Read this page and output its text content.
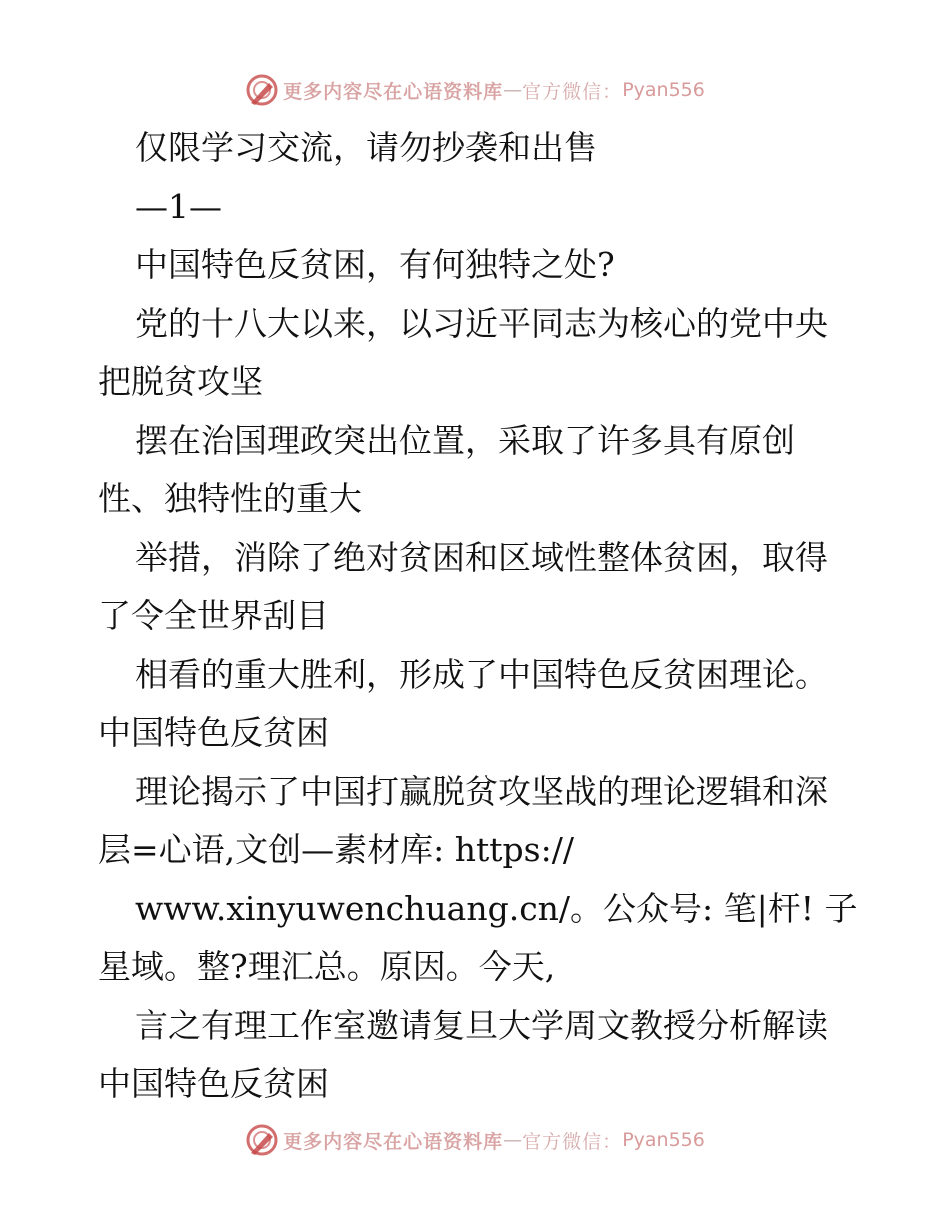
更多内容尽在心语资料库 — 官方微信： Pyan556

仅限学习交流，请勿抄袭和出售

—1—

中国特色反贫困，有何独特之处?

党的十八大以来，以习近平同志为核心的党中央把脱贫攻坚

摆在治国理政突出位置，采取了许多具有原创性、独特性的重大

举措，消除了绝对贫困和区域性整体贫困，取得了令全世界刮目

相看的重大胜利，形成了中国特色反贫困理论。中国特色反贫困

理论揭示了中国打赢脱贫攻坚战的理论逻辑和深层=心语,文创—素材库: https://

www.xinyuwenchuang.cn/。公众号: 笔|杆! 子星域。整?理汇总。原因。今天,

言之有理工作室邀请复旦大学周文教授分析解读中国特色反贫困

更多内容尽在心语资料库 — 官方微信： Pyan556
